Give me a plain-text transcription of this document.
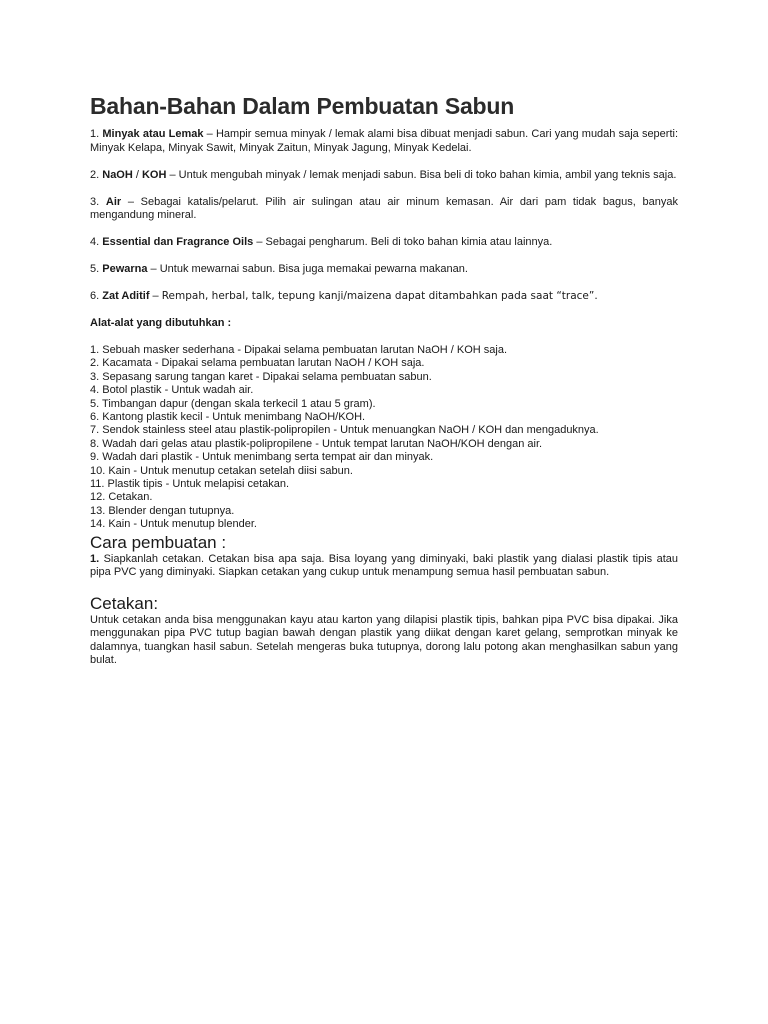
Bahan-Bahan Dalam Pembuatan Sabun

1. Minyak atau Lemak – Hampir semua minyak / lemak alami bisa dibuat menjadi sabun. Cari yang mudah saja seperti: Minyak Kelapa, Minyak Sawit, Minyak Zaitun, Minyak Jagung, Minyak Kedelai.

2. NaOH / KOH – Untuk mengubah minyak / lemak menjadi sabun. Bisa beli di toko bahan kimia, ambil yang teknis saja.

3. Air – Sebagai katalis/pelarut. Pilih air sulingan atau air minum kemasan. Air dari pam tidak bagus, banyak mengandung mineral.

4. Essential dan Fragrance Oils – Sebagai pengharum. Beli di toko bahan kimia atau lainnya.

5. Pewarna – Untuk mewarnai sabun. Bisa juga memakai pewarna makanan.

6. Zat Aditif – Rempah, herbal, talk, tepung kanji/maizena dapat ditambahkan pada saat “trace”.

Alat-alat yang dibutuhkan :

1. Sebuah masker sederhana - Dipakai selama pembuatan larutan NaOH / KOH saja.
2. Kacamata - Dipakai selama pembuatan larutan NaOH / KOH saja.
3. Sepasang sarung tangan karet - Dipakai selama pembuatan sabun.
4. Botol plastik - Untuk wadah air.
5. Timbangan dapur (dengan skala terkecil 1 atau 5 gram).
6. Kantong plastik kecil - Untuk menimbang NaOH/KOH.
7. Sendok stainless steel atau plastik-polipropilen - Untuk menuangkan NaOH / KOH dan mengaduknya.
8. Wadah dari gelas atau plastik-polipropilene - Untuk tempat larutan NaOH/KOH dengan air.
9. Wadah dari plastik - Untuk menimbang serta tempat air dan minyak.
10. Kain - Untuk menutup cetakan setelah diisi sabun.
11. Plastik tipis - Untuk melapisi cetakan.
12. Cetakan.
13. Blender dengan tutupnya.
14. Kain - Untuk menutup blender.
Cara pembuatan :

1. Siapkanlah cetakan. Cetakan bisa apa saja. Bisa loyang yang diminyaki, baki plastik yang dialasi plastik tipis atau pipa PVC yang diminyaki. Siapkan cetakan yang cukup untuk menampung semua hasil pembuatan sabun.

Cetakan:

Untuk cetakan anda bisa menggunakan kayu atau karton yang dilapisi plastik tipis, bahkan pipa PVC bisa dipakai. Jika menggunakan pipa PVC tutup bagian bawah dengan plastik yang diikat dengan karet gelang, semprotkan minyak ke dalamnya, tuangkan hasil sabun. Setelah mengeras buka tutupnya, dorong lalu potong akan menghasilkan sabun yang bulat.
